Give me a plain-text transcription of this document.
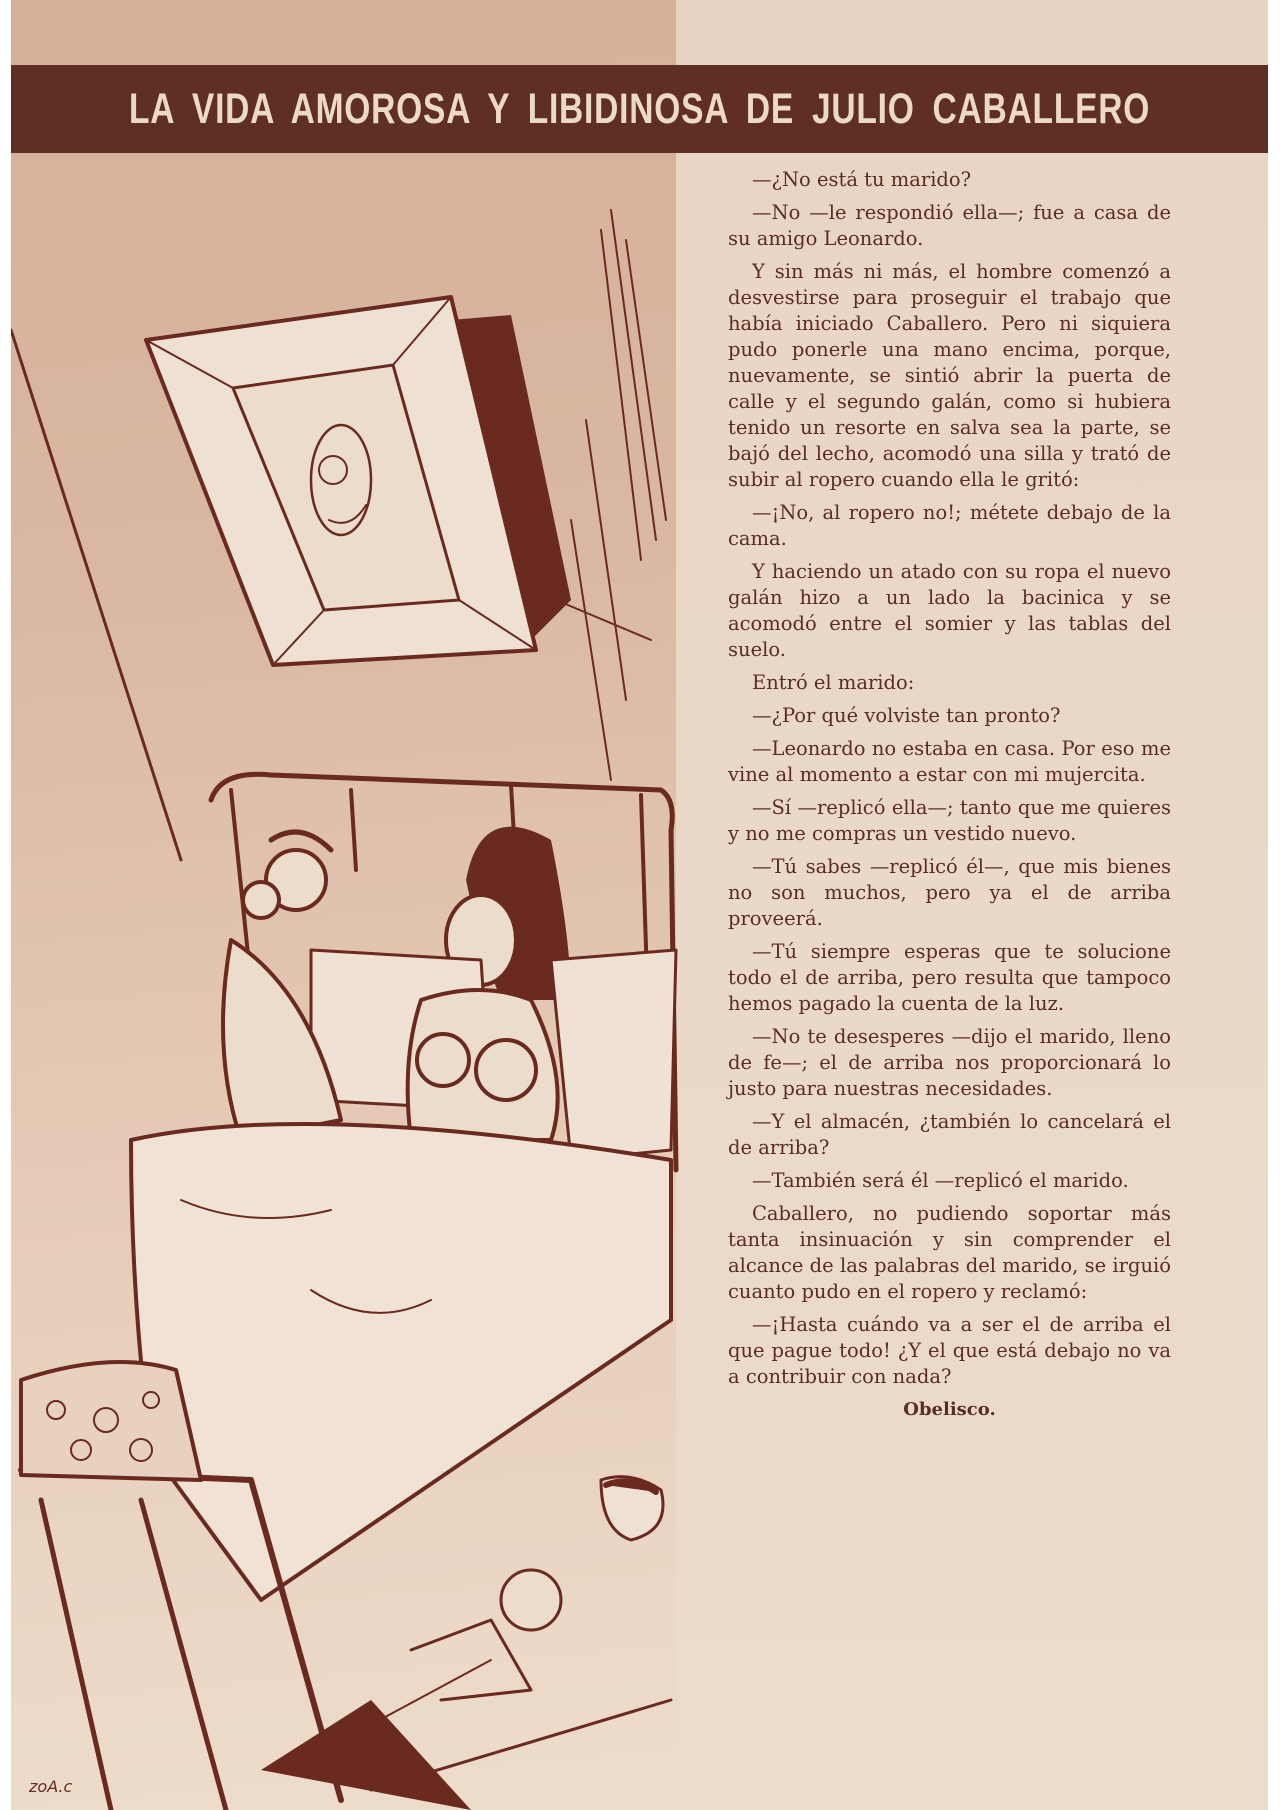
zoA.c
LA VIDA AMOROSA Y LIBIDINOSA DE JULIO CABALLERO

—¿No está tu marido?

—No —le respondió ella—; fue a casa de su amigo Leonardo.

Y sin más ni más, el hombre comenzó a desvestirse para proseguir el trabajo que había iniciado Caballero. Pero ni siquiera pudo ponerle una mano encima, porque, nuevamente, se sintió abrir la puerta de calle y el segundo galán, como si hubiera tenido un resorte en salva sea la parte, se bajó del lecho, acomodó una silla y trató de subir al ropero cuando ella le gritó:

—¡No, al ropero no!; métete debajo de la cama.

Y haciendo un atado con su ropa el nuevo galán hizo a un lado la bacinica y se acomodó entre el somier y las tablas del suelo.

Entró el marido:

—¿Por qué volviste tan pronto?

—Leonardo no estaba en casa. Por eso me vine al momento a estar con mi mujercita.

—Sí —replicó ella—; tanto que me quieres y no me compras un vestido nuevo.

—Tú sabes —replicó él—, que mis bienes no son muchos, pero ya el de arriba proveerá.

—Tú siempre esperas que te solucione todo el de arriba, pero resulta que tampoco hemos pagado la cuenta de la luz.

—No te desesperes —dijo el marido, lleno de fe—; el de arriba nos proporcionará lo justo para nuestras necesidades.

—Y el almacén, ¿también lo cancelará el de arriba?

—También será él —replicó el marido.

Caballero, no pudiendo soportar más tanta insinuación y sin comprender el alcance de las palabras del marido, se irguió cuanto pudo en el ropero y reclamó:

—¡Hasta cuándo va a ser el de arriba el que pague todo! ¿Y el que está debajo no va a contribuir con nada?

Obelisco.
